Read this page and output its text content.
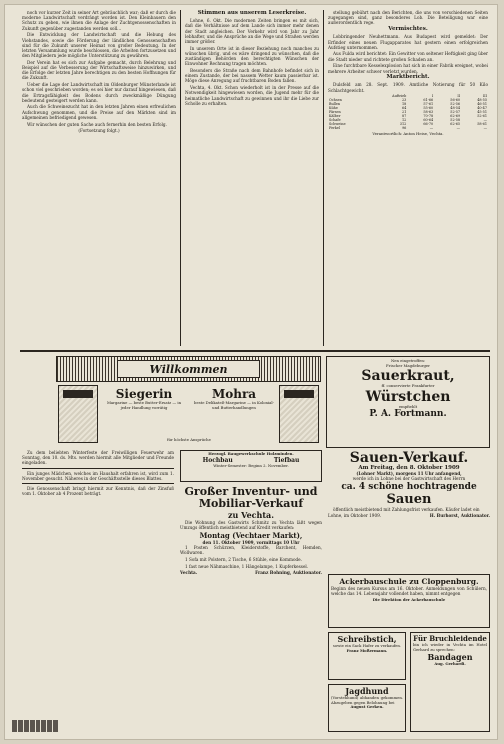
noch vor kurzer Zeit in seiner Art gebräuchlich war; daß er durch die moderne Landwirtschaft verdrängt worden ist. Den Kleinbauern den Schutz zu geben, wie ihnen die Anlage der Zuchtgenossenschaften in Zukunft gegenüber zugestanden werden soll...

Die Entwicklung der Landwirtschaft und die Hebung des Viehstandes, sowie die Förderung der ländlichen Genossenschaften sind für die Zukunft unserer Heimat von großer Bedeutung. In der letzten Versammlung wurde beschlossen, die Arbeiten fortzusetzen und den Mitgliedern jede mögliche Unterstützung zu gewähren.

Der Verein hat es sich zur Aufgabe gemacht, durch Belehrung und Beispiel auf die Verbesserung der Wirtschaftsweise hinzuwirken, und die Erfolge der letzten Jahre berechtigen zu den besten Hoffnungen für die Zukunft.

Ueber die Lage der Landwirtschaft im Oldenburger Münsterlande ist schon viel geschrieben worden; es sei hier nur darauf hingewiesen, daß die Ertragsfähigkeit des Bodens durch zweckmäßige Düngung bedeutend gesteigert werden kann.

Auch die Schweinezucht hat in den letzten Jahren einen erfreulichen Aufschwung genommen, und die Preise auf den Märkten sind im allgemeinen befriedigend gewesen.

Wir wünschen der guten Sache auch fernerhin den besten Erfolg.

(Fortsetzung folgt.)
Stimmen aus unserem Leserkreise.

Lohne, 6. Okt. Die modernen Zeiten bringen es mit sich, daß die Verhältnisse auf dem Lande sich immer mehr denen der Stadt angleichen. Der Verkehr wird von Jahr zu Jahr lebhafter, und die Ansprüche an die Wege und Straßen werden immer größer.

In unserem Orte ist in dieser Beziehung noch manches zu wünschen übrig, und es wäre dringend zu wünschen, daß die zuständigen Behörden den berechtigten Wünschen der Einwohner Rechnung tragen möchten.

Besonders die Straße nach dem Bahnhofe befindet sich in einem Zustande, der bei nassem Wetter kaum passierbar ist. Möge diese Anregung auf fruchtbaren Boden fallen.

Vechta, 4. Okt. Schon wiederholt ist in der Presse auf die Notwendigkeit hingewiesen worden, die Jugend mehr für die heimatliche Landwirtschaft zu gewinnen und ihr die Liebe zur Scholle zu erhalten.

stellung gebührt nach den Berichten, die uns von verschiedenen Seiten zugegangen sind, ganz besonderes Lob. Die Beteiligung war eine außerordentlich rege.

Vermischtes.

Lobbringender Neuhettmann. Aus Budapest wird gemeldet: Der Erfinder eines neuen Flugapparates hat gestern einen erfolgreichen Aufstieg unternommen.

Aus Fulda wird berichtet: Ein Gewitter von seltener Heftigkeit ging über die Stadt nieder und richtete großen Schaden an.

Eine furchtbare Kesselexplosion hat sich in einer Fabrik ereignet, wobei mehrere Arbeiter schwer verletzt wurden.

Marktbericht.

Dulsfeld am 28. Sept. 1909. Amtliche Notierung für 50 Kilo Schlachtgewicht.

	Auftrieb	I	II	III
Ochsen	23	61-66	56-60	48-55
Bullen	18	57-61	52-56	46-51
Kühe	64	55-60	48-54	40-47
Färsen	21	58-63	52-57	45-51
Kälber	87	70-78	62-69	52-61
Schafe	12	60-64	52-58	—
Schweine	312	66-70	62-65	58-61
Ferkel	96	—	—	—
Verantwortlich: Anton Heise, Vechta.
Willkommen
Siegerin
Margarine — beste Butter-Ersatz — in jeder Handlung vorrätig
Mohra
beste Delikateß-Margarine — in Kolonial- und Butterhandlungen
für höchste Ansprüche
Nen eingetroffen:
Frischer Magdeburger
Sauerkraut,
ff. conservierte Frankfurter
Würstchen
empfiehlt
P. A. Fortmann.

Zu dem beliebten Winterfeste der Freiwilligen Feuerwehr am Sonntag, den 10. ds. Mts. werden hiermit alle Mitglieder und Freunde eingeladen.

Ein junges Mädchen, welches im Haushalt erfahren ist, wird zum 1. November gesucht. Näheres in der Geschäftsstelle dieses Blattes.

Die Genossenschaft bringt hiermit zur Kenntnis, daß der Zinsfuß vom 1. Oktober ab 4 Prozent beträgt.

Herzogl. Baugewerkschule Holzminden.
Hochbau	Tiefbau
Winter-Semester: Beginn 2. November.
Großer Inventur- und
Mobiliar-Verkauf
zu Vechta.

Die Wohnung des Gastwirts Schmitz zu Vechta läßt wegen Umzugs öffentlich meistbietend auf Kredit verkaufen:

Montag (Vechtaer Markt),
den 11. Oktober 1909, vormittags 10 Uhr

1 Posten Schürzen, Kleiderstoffe, Barchent, Hemden, Wollwaren.

1 Sofa mit Polstern, 2 Tische, 6 Stühle, eine Kommode.

1 fast neue Nähmaschine, 1 Hängelampe, 1 Kupferkessel.

Vechta.	Franz Bohning, Auktionator.
Sauen-Verkauf.
Am Freitag, den 8. Oktober 1909
(Lohner Markt), morgens 11 Uhr anfangend,
werde ich in Lohne bei der Gastwirtschaft des Herrn
ca. 4 schöne hochtragende
Sauen

öffentlich meistbietend mit Zahlungsfrist verkaufen. Käufer ladet ein

Lohne, im Oktober 1909.	H. Burhorst, Auktionator.
Ackerbauschule zu Cloppenburg.
Beginn des neuen Kursus am 16. Oktober. Anmeldungen von Schülern, welche das 14. Lebensjahr vollendet haben, nimmt entgegen
Die Direktion der Ackerbauschule
Schreibstich,
sowie ein Sack Hafer zu verkaufen.
Franz Moßermann.
Für Bruchleidende
bin ich wieder in Vechta im Hotel Gerhard zu sprechen:
Bandagen
Aug. Gerhardi.
Jagdhund
(Vorstehhund) abhanden gekommen. Abzugeben gegen Belohnung bei
August Gerken.
